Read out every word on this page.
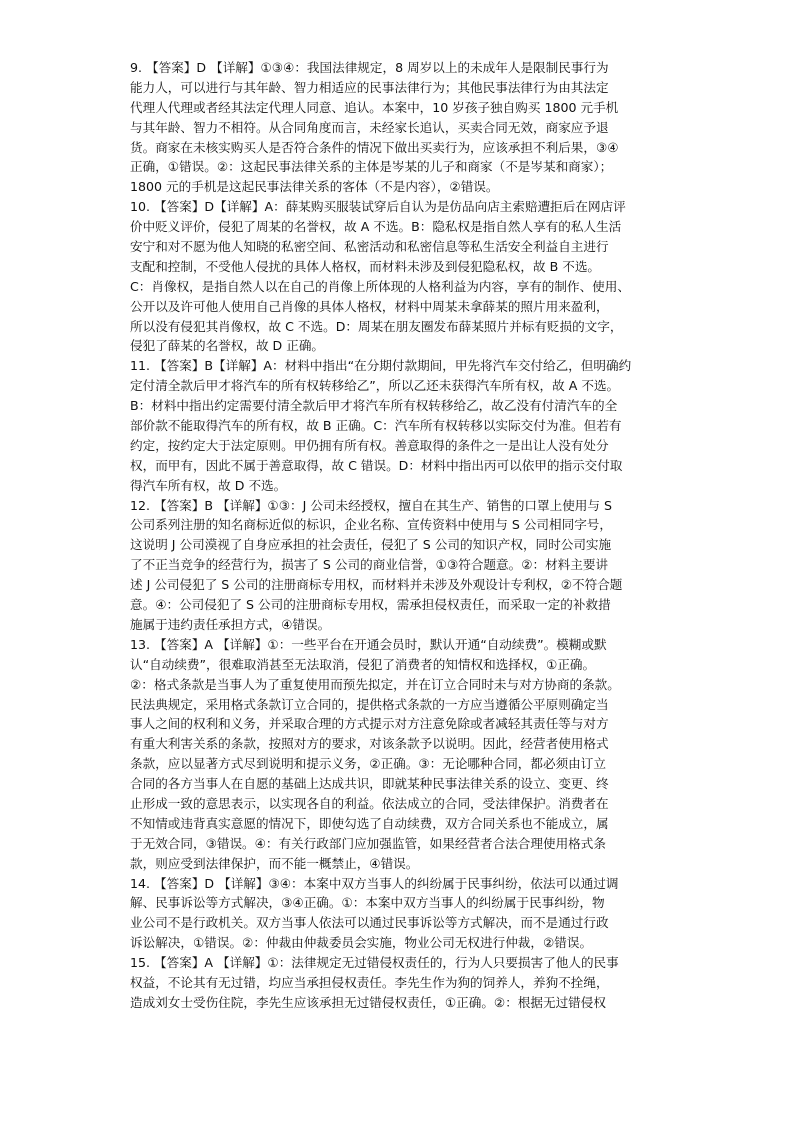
9. 【答案】D 【详解】①③④：我国法律规定，8 周岁以上的未成年人是限制民事行为
能力人，可以进行与其年龄、智力相适应的民事法律行为；其他民事法律行为由其法定
代理人代理或者经其法定代理人同意、追认。本案中，10 岁孩子独自购买 1800 元手机
与其年龄、智力不相符。从合同角度而言，未经家长追认，买卖合同无效，商家应予退
货。商家在未核实购买人是否符合条件的情况下做出买卖行为，应该承担不利后果，③④
正确，①错误。②：这起民事法律关系的主体是岑某的儿子和商家（不是岑某和商家）；
1800 元的手机是这起民事法律关系的客体（不是内容），②错误。
10. 【答案】D【详解】A：薛某购买服装试穿后自认为是仿品向店主索赔遭拒后在网店评
价中贬义评价，侵犯了周某的名誉权，故 A 不选。B：隐私权是指自然人享有的私人生活
安宁和对不愿为他人知晓的私密空间、私密活动和私密信息等私生活安全利益自主进行
支配和控制，不受他人侵扰的具体人格权，而材料未涉及到侵犯隐私权，故 B 不选。
C：肖像权，是指自然人以在自己的肖像上所体现的人格利益为内容，享有的制作、使用、
公开以及许可他人使用自己肖像的具体人格权，材料中周某未拿薛某的照片用来盈利，
所以没有侵犯其肖像权，故 C 不选。D：周某在朋友圈发布薛某照片并标有贬损的文字，
侵犯了薛某的名誉权，故 D 正确。
11. 【答案】B【详解】A：材料中指出“在分期付款期间，甲先将汽车交付给乙，但明确约
定付清全款后甲才将汽车的所有权转移给乙”，所以乙还未获得汽车所有权，故 A 不选。
B：材料中指出约定需要付清全款后甲才将汽车所有权转移给乙，故乙没有付清汽车的全
部价款不能取得汽车的所有权，故 B 正确。C：汽车所有权转移以实际交付为准。但若有
约定，按约定大于法定原则。甲仍拥有所有权。善意取得的条件之一是出让人没有处分
权，而甲有，因此不属于善意取得，故 C 错误。D：材料中指出丙可以依甲的指示交付取
得汽车所有权，故 D 不选。
12. 【答案】B 【详解】①③：J 公司未经授权，擅自在其生产、销售的口罩上使用与 S
公司系列注册的知名商标近似的标识，企业名称、宣传资料中使用与 S 公司相同字号，
这说明 J 公司漠视了自身应承担的社会责任，侵犯了 S 公司的知识产权，同时公司实施
了不正当竞争的经营行为，损害了 S 公司的商业信誉，①③符合题意。②：材料主要讲
述 J 公司侵犯了 S 公司的注册商标专用权，而材料并未涉及外观设计专利权，②不符合题
意。④：公司侵犯了 S 公司的注册商标专用权，需承担侵权责任，而采取一定的补救措
施属于违约责任承担方式，④错误。
13. 【答案】A 【详解】①：一些平台在开通会员时，默认开通“自动续费”。模糊或默
认“自动续费”，很难取消甚至无法取消，侵犯了消费者的知情权和选择权，①正确。
②：格式条款是当事人为了重复使用而预先拟定，并在订立合同时未与对方协商的条款。
民法典规定，采用格式条款订立合同的，提供格式条款的一方应当遵循公平原则确定当
事人之间的权利和义务，并采取合理的方式提示对方注意免除或者减轻其责任等与对方
有重大利害关系的条款，按照对方的要求，对该条款予以说明。因此，经营者使用格式
条款，应以显著方式尽到说明和提示义务，②正确。③：无论哪种合同，都必须由订立
合同的各方当事人在自愿的基础上达成共识，即就某种民事法律关系的设立、变更、终
止形成一致的意思表示，以实现各自的利益。依法成立的合同，受法律保护。消费者在
不知情或违背真实意愿的情况下，即使勾选了自动续费，双方合同关系也不能成立，属
于无效合同，③错误。④：有关行政部门应加强监管，如果经营者合法合理使用格式条
款，则应受到法律保护，而不能一概禁止，④错误。
14. 【答案】D 【详解】③④：本案中双方当事人的纠纷属于民事纠纷，依法可以通过调
解、民事诉讼等方式解决，③④正确。①：本案中双方当事人的纠纷属于民事纠纷，物
业公司不是行政机关。双方当事人依法可以通过民事诉讼等方式解决，而不是通过行政
诉讼解决，①错误。②：仲裁由仲裁委员会实施，物业公司无权进行仲裁，②错误。
15. 【答案】A 【详解】①：法律规定无过错侵权责任的，行为人只要损害了他人的民事
权益，不论其有无过错，均应当承担侵权责任。李先生作为狗的饲养人，养狗不拴绳，
造成刘女士受伤住院，李先生应该承担无过错侵权责任，①正确。②：根据无过错侵权
